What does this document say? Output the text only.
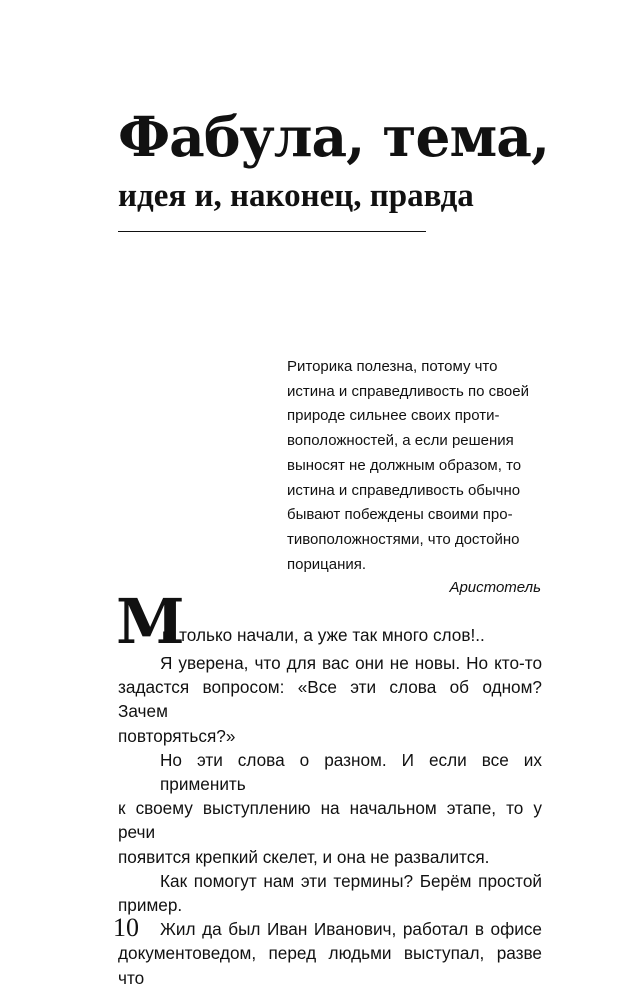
Фабула, тема,
идея и, наконец, правда
Риторика полезна, потому что
истина и справедливость по своей
природе сильнее своих проти-
воположностей, а если решения
выносят не должным образом, то
истина и справедливость обычно
бывают побеждены своими про-
тивоположностями, что достойно
порицания.
Аристотель
М
ы только начали, а уже так много слов!..
Я уверена, что для вас они не новы. Но кто-то
задастся вопросом: «Все эти слова об одном? Зачем
повторяться?»
Но эти слова о разном. И если все их применить
к своему выступлению на начальном этапе, то у речи
появится крепкий скелет, и она не развалится.
Как помогут нам эти термины? Берём простой
пример.
Жил да был Иван Иванович, работал в офисе
документоведом, перед людьми выступал, разве что
10
